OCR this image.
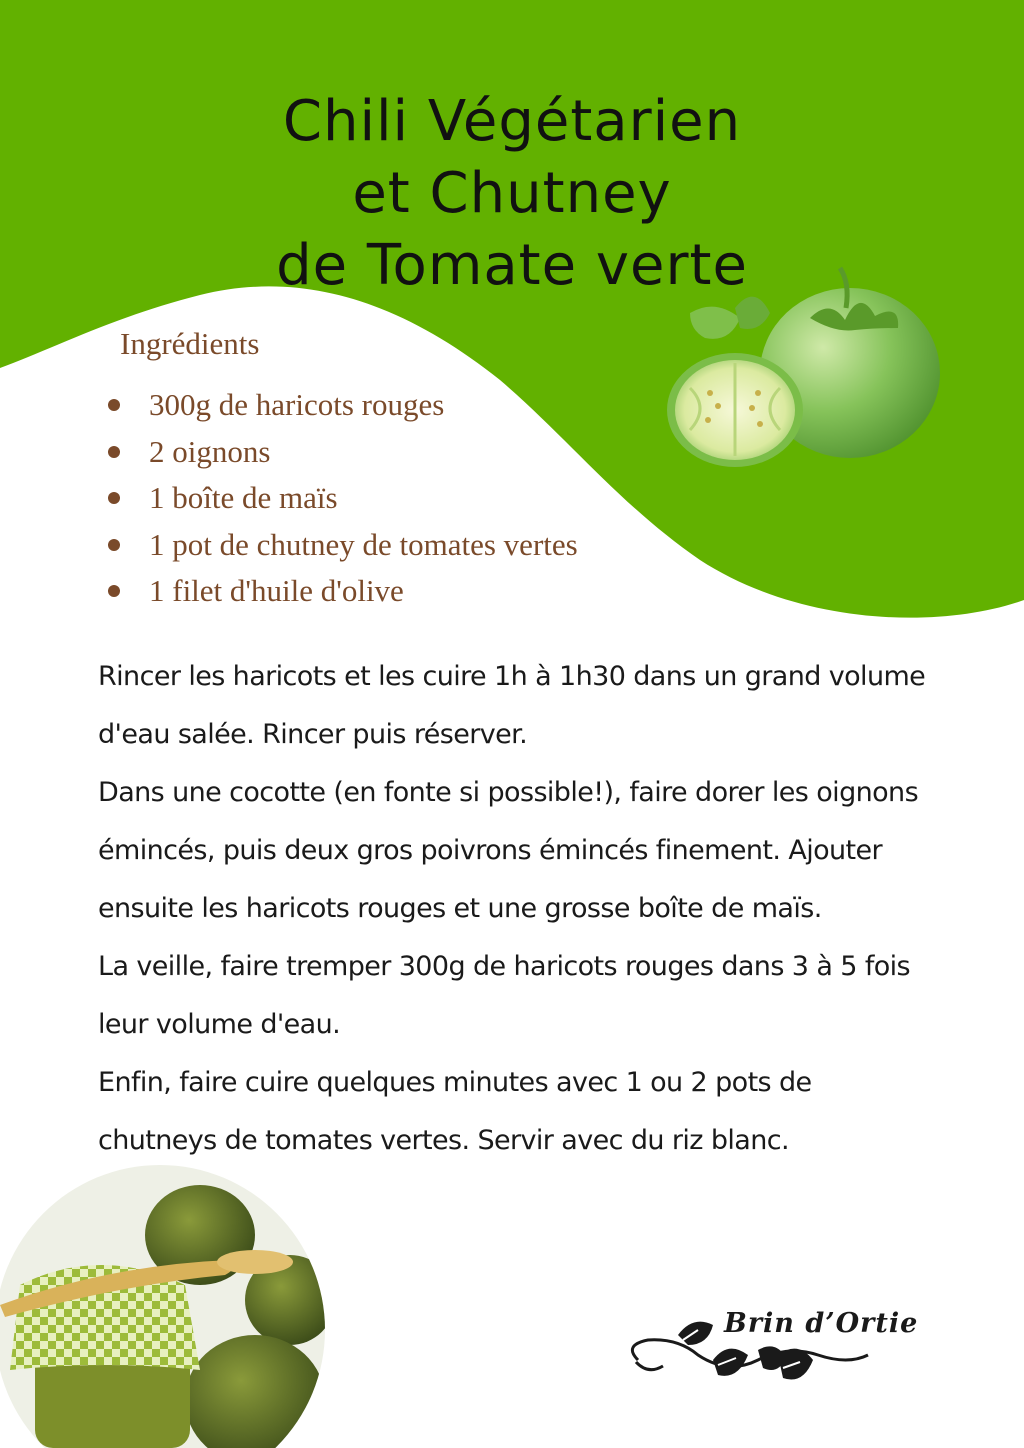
Chili Végétarien
et Chutney
de Tomate verte
Ingrédients
300g de haricots rouges
2 oignons
1 boîte de maïs
1 pot de chutney de tomates vertes
1 filet d'huile d'olive

Rincer les haricots et les cuire 1h à 1h30 dans un grand volume d'eau salée. Rincer puis réserver.

Dans une cocotte (en fonte si possible!), faire dorer les oignons émincés, puis deux gros poivrons émincés finement. Ajouter ensuite les haricots rouges et une grosse boîte de maïs.

La veille, faire tremper 300g de haricots rouges dans 3 à 5 fois leur volume d'eau.

Enfin, faire cuire quelques minutes avec 1 ou 2 pots de chutneys de tomates vertes. Servir avec du riz blanc.

Brin d’Ortie
